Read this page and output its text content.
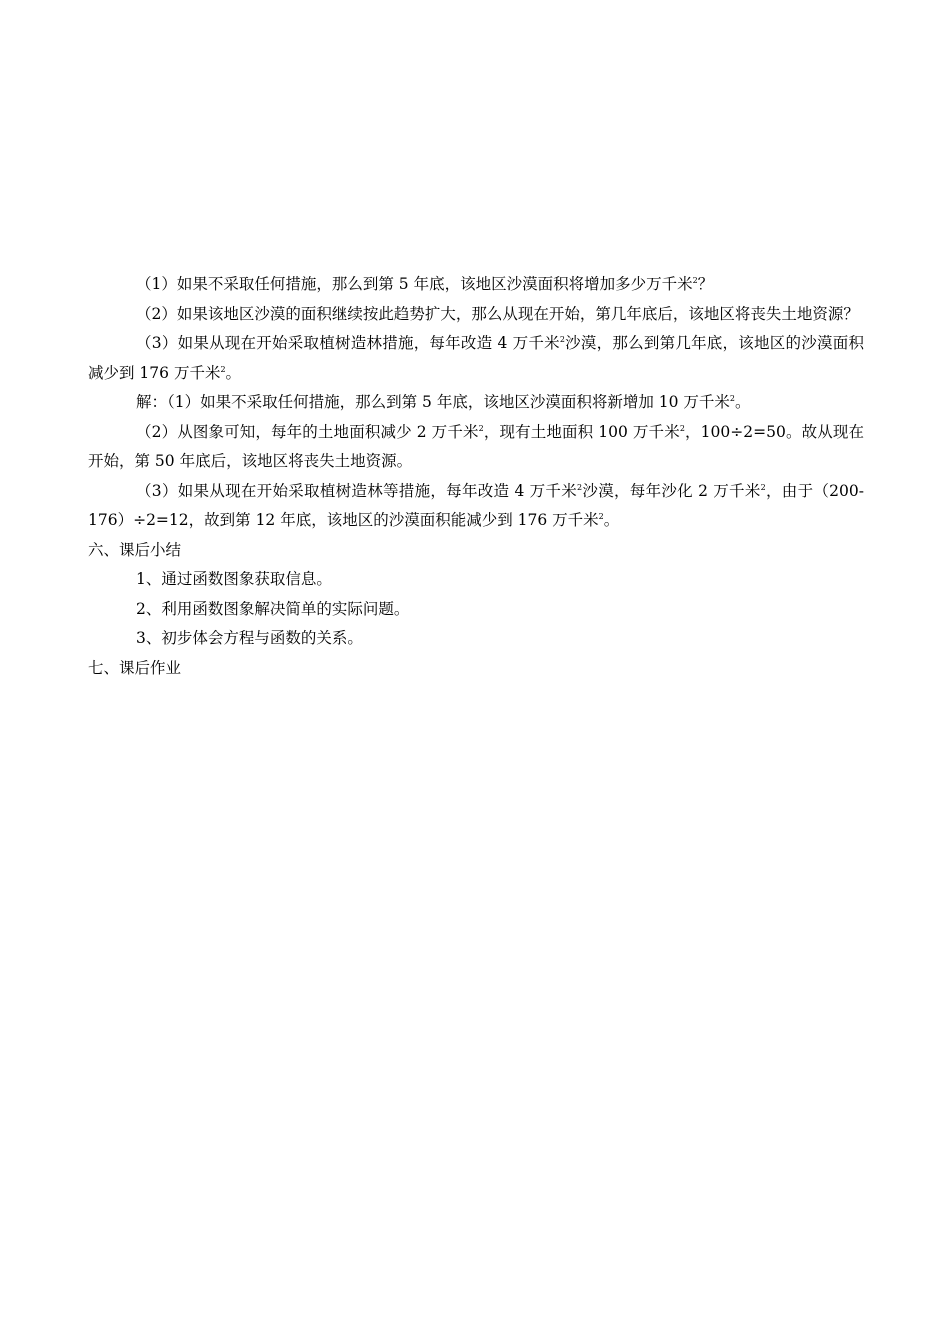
（1）如果不采取任何措施，那么到第 5 年底，该地区沙漠面积将增加多少万千米$^2$？

（2）如果该地区沙漠的面积继续按此趋势扩大，那么从现在开始，第几年底后，该地区将丧失土地资源？

（3）如果从现在开始采取植树造林措施，每年改造 4 万千米$^2$沙漠，那么到第几年底，该地区的沙漠面积减少到 176 万千米$^2$。

解：（1）如果不采取任何措施，那么到第 5 年底，该地区沙漠面积将新增加 10 万千米$^2$。

（2）从图象可知，每年的土地面积减少 2 万千米$^2$，现有土地面积 100 万千米$^2$，100÷2=50。故从现在开始，第 50 年底后，该地区将丧失土地资源。

（3）如果从现在开始采取植树造林等措施，每年改造 4 万千米$^2$沙漠，每年沙化 2 万千米$^2$，由于（200-176）÷2=12，故到第 12 年底，该地区的沙漠面积能减少到 176 万千米$^2$。

六、课后小结

1、通过函数图象获取信息。

2、利用函数图象解决简单的实际问题。

3、初步体会方程与函数的关系。

七、课后作业
